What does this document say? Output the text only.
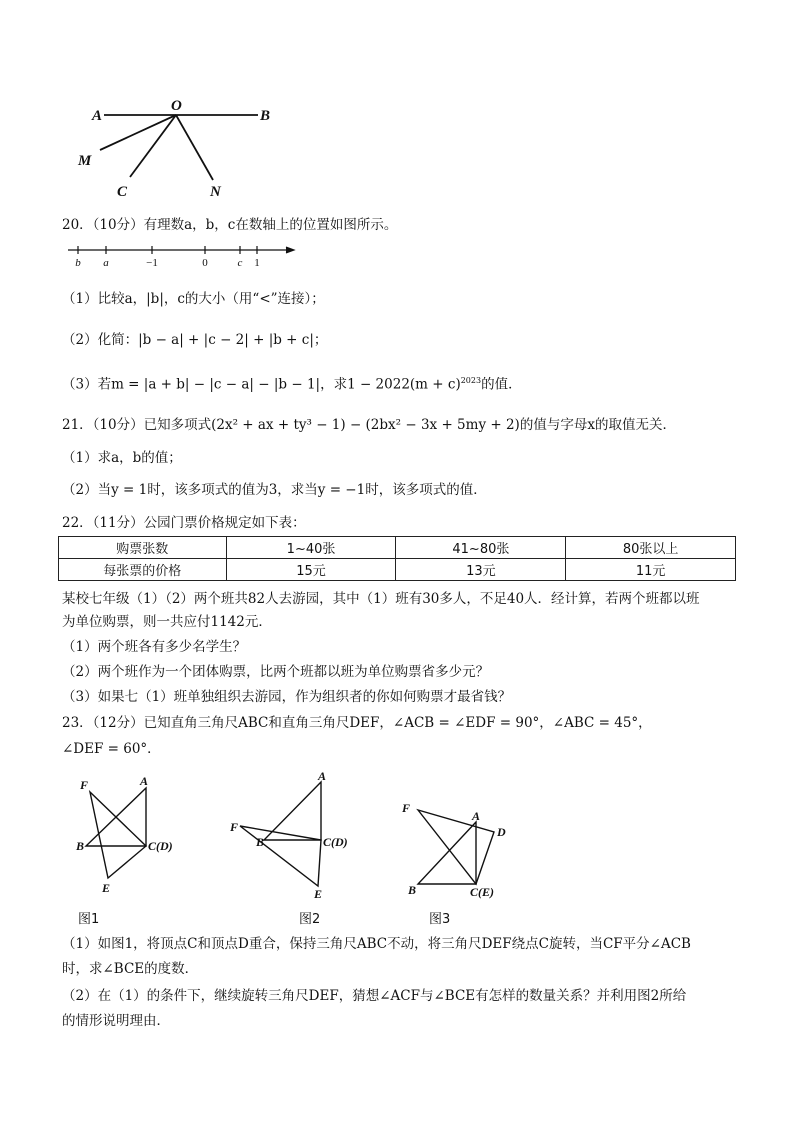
A
O
B
M
C	N
20．（10分）有理数a，b，c在数轴上的位置如图所示。
b a	−1	0	c 1
（1）比较a，|b|，c的大小（用“<”连接）；
（2）化简：|b − a| + |c − 2| + |b + c|；
（3）若m = |a + b| − |c − a| − |b − 1|，求$1 - 2022(m + c)^{2023}$的值．
21．（10分）已知多项式(2x² + ax + ty³ − 1) − (2bx² − 3x + 5my + 2)的值与字母x的取值无关．
（1）求a，b的值；
（2）当y = 1时，该多项式的值为3，求当y = −1时，该多项式的值．
22．（11分）公园门票价格规定如下表：
购票张数	1~40张	41~80张	80张以上
每张票的价格	15元	13元	11元
某校七年级（1）（2）两个班共82人去游园，其中（1）班有30多人，不足40人．经计算，若两个班都以班
为单位购票，则一共应付1142元．
（1）两个班各有多少名学生？
（2）两个班作为一个团体购票，比两个班都以班为单位购票省多少元？
（3）如果七（1）班单独组织去游园，作为组织者的你如何购票才最省钱？
23．（12分）已知直角三角尺ABC和直角三角尺DEF，∠ACB = ∠EDF = 90°，∠ABC = 45°，
∠DEF = 60°．
F	A
B	C(D)
E
图1
F
A
B	C(D)
E
图2
F
A
D
B	C(E)
图3
（1）如图1，将顶点C和顶点D重合，保持三角尺ABC不动，将三角尺DEF绕点C旋转，当CF平分∠ACB
时，求∠BCE的度数．
（2）在（1）的条件下，继续旋转三角尺DEF，猜想∠ACF与∠BCE有怎样的数量关系？并利用图2所给
的情形说明理由．
